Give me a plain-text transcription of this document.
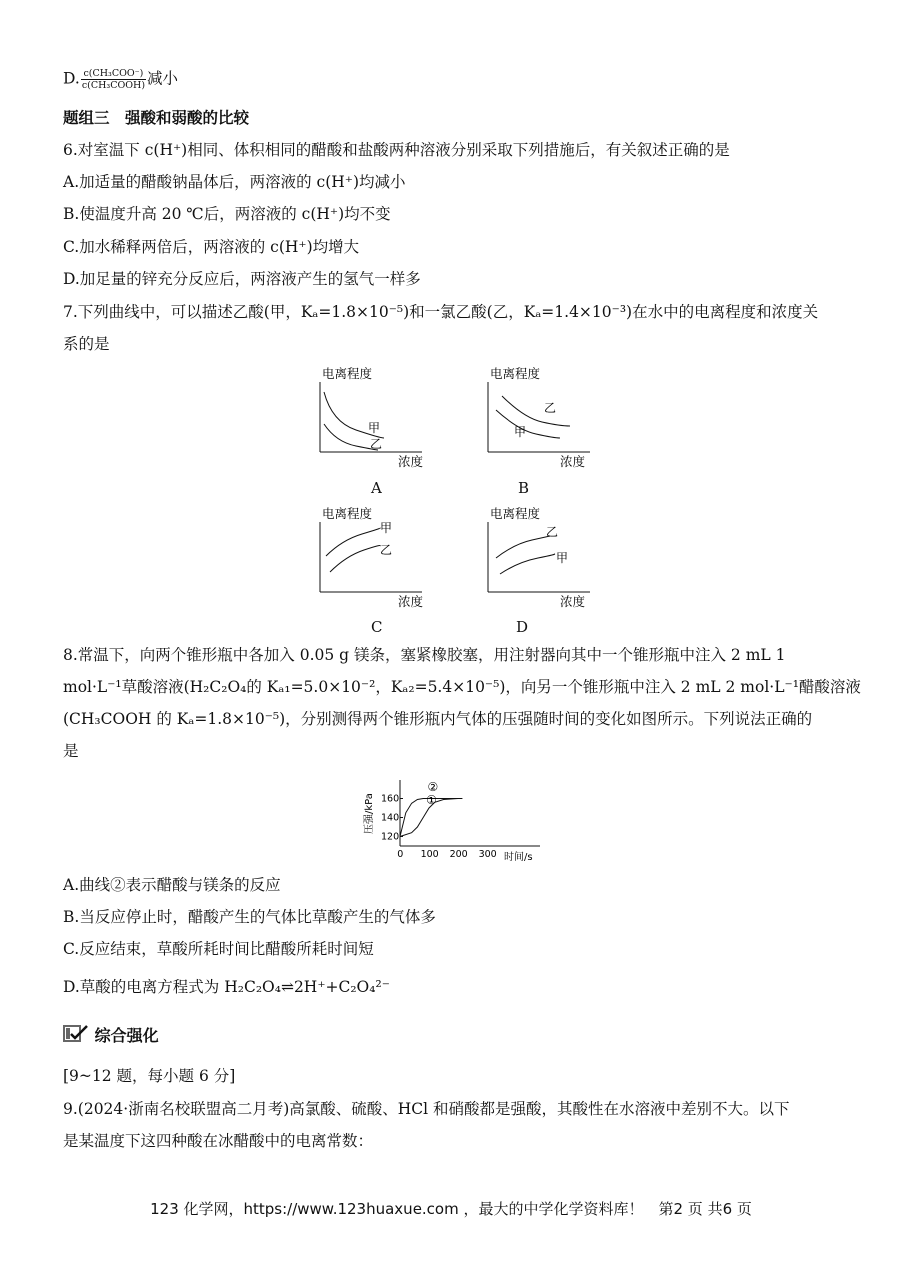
D. $\frac{\text{c(CH₃COO⁻)}}{\text{c(CH₃COOH)}}$ 减小
题组三　强酸和弱酸的比较
6.对室温下 c(H⁺)相同、体积相同的醋酸和盐酸两种溶液分别采取下列措施后，有关叙述正确的是
A.加适量的醋酸钠晶体后，两溶液的 c(H⁺)均减小
B.使温度升高 20 ℃后，两溶液的 c(H⁺)均不变
C.加水稀释两倍后，两溶液的 c(H⁺)均增大
D.加足量的锌充分反应后，两溶液产生的氢气一样多
7.下列曲线中，可以描述乙酸(甲，Kₐ=1.8×10⁻⁵)和一氯乙酸(乙，Kₐ=1.4×10⁻³)在水中的电离程度和浓度关
系的是
电离程度
浓度
甲
乙
A
电离程度
浓度
乙
甲
B
电离程度
浓度
甲
乙
C
电离程度
浓度
乙
甲
D
8.常温下，向两个锥形瓶中各加入 0.05 g 镁条，塞紧橡胶塞，用注射器向其中一个锥形瓶中注入 2 mL 1
mol·L⁻¹草酸溶液(H₂C₂O₄的 Kₐ₁=5.0×10⁻²，Kₐ₂=5.4×10⁻⁵)，向另一个锥形瓶中注入 2 mL 2 mol·L⁻¹醋酸溶液
(CH₃COOH 的 Kₐ=1.8×10⁻⁵)，分别测得两个锥形瓶内气体的压强随时间的变化如图所示。下列说法正确的
是
压强/kPa
时间/s
0 100 200 300
120
140
160
②
①
A.曲线②表示醋酸与镁条的反应
B.当反应停止时，醋酸产生的气体比草酸产生的气体多
C.反应结束，草酸所耗时间比醋酸所耗时间短
D.草酸的电离方程式为 H₂C₂O₄⇌2H⁺+C₂O₄²⁻
综合强化
[9~12 题，每小题 6 分]
9.(2024·浙南名校联盟高二月考)高氯酸、硫酸、HCl 和硝酸都是强酸，其酸性在水溶液中差别不大。以下
是某温度下这四种酸在冰醋酸中的电离常数：
123 化学网，https://www.123huaxue.com ，最大的中学化学资料库！　第2 页 共6 页
